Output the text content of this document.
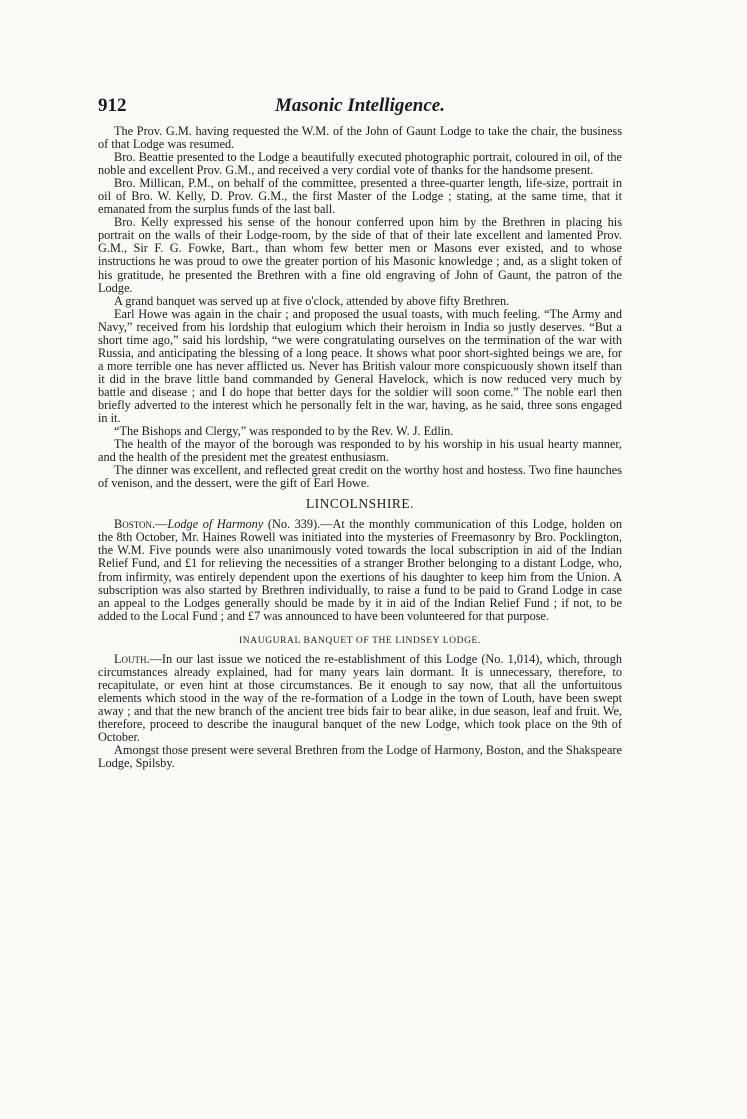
912	Masonic Intelligence.

The Prov. G.M. having requested the W.M. of the John of Gaunt Lodge to take the chair, the business of that Lodge was resumed.

Bro. Beattie presented to the Lodge a beautifully executed photographic portrait, coloured in oil, of the noble and excellent Prov. G.M., and received a very cordial vote of thanks for the handsome present.

Bro. Millican, P.M., on behalf of the committee, presented a three-quarter length, life-size, portrait in oil of Bro. W. Kelly, D. Prov. G.M., the first Master of the Lodge ; stating, at the same time, that it emanated from the surplus funds of the last ball.

Bro. Kelly expressed his sense of the honour conferred upon him by the Brethren in placing his portrait on the walls of their Lodge-room, by the side of that of their late excellent and lamented Prov. G.M., Sir F. G. Fowke, Bart., than whom few better men or Masons ever existed, and to whose instructions he was proud to owe the greater portion of his Masonic knowledge ; and, as a slight token of his gratitude, he presented the Brethren with a fine old engraving of John of Gaunt, the patron of the Lodge.

A grand banquet was served up at five o'clock, attended by above fifty Brethren.

Earl Howe was again in the chair ; and proposed the usual toasts, with much feeling. “The Army and Navy,” received from his lordship that eulogium which their heroism in India so justly deserves. “But a short time ago,” said his lordship, “we were congratulating ourselves on the termination of the war with Russia, and anticipating the blessing of a long peace. It shows what poor short-sighted beings we are, for a more terrible one has never afflicted us. Never has British valour more conspicuously shown itself than it did in the brave little band commanded by General Havelock, which is now reduced very much by battle and disease ; and I do hope that better days for the soldier will soon come.” The noble earl then briefly adverted to the interest which he personally felt in the war, having, as he said, three sons engaged in it.

“The Bishops and Clergy,” was responded to by the Rev. W. J. Edlin.

The health of the mayor of the borough was responded to by his worship in his usual hearty manner, and the health of the president met the greatest enthusiasm.

The dinner was excellent, and reflected great credit on the worthy host and hostess. Two fine haunches of venison, and the dessert, were the gift of Earl Howe.

LINCOLNSHIRE.

Boston.—Lodge of Harmony (No. 339).—At the monthly communication of this Lodge, holden on the 8th October, Mr. Haines Rowell was initiated into the mysteries of Freemasonry by Bro. Pocklington, the W.M. Five pounds were also unanimously voted towards the local subscription in aid of the Indian Relief Fund, and £1 for relieving the necessities of a stranger Brother belonging to a distant Lodge, who, from infirmity, was entirely dependent upon the exertions of his daughter to keep him from the Union. A subscription was also started by Brethren individually, to raise a fund to be paid to Grand Lodge in case an appeal to the Lodges generally should be made by it in aid of the Indian Relief Fund ; if not, to be added to the Local Fund ; and £7 was announced to have been volunteered for that purpose.

INAUGURAL BANQUET OF THE LINDSEY LODGE.

Louth.—In our last issue we noticed the re-establishment of this Lodge (No. 1,014), which, through circumstances already explained, had for many years lain dormant. It is unnecessary, therefore, to recapitulate, or even hint at those circumstances. Be it enough to say now, that all the unfortuitous elements which stood in the way of the re-formation of a Lodge in the town of Louth, have been swept away ; and that the new branch of the ancient tree bids fair to bear alike, in due season, leaf and fruit. We, therefore, proceed to describe the inaugural banquet of the new Lodge, which took place on the 9th of October.

Amongst those present were several Brethren from the Lodge of Harmony, Boston, and the Shakspeare Lodge, Spilsby.
